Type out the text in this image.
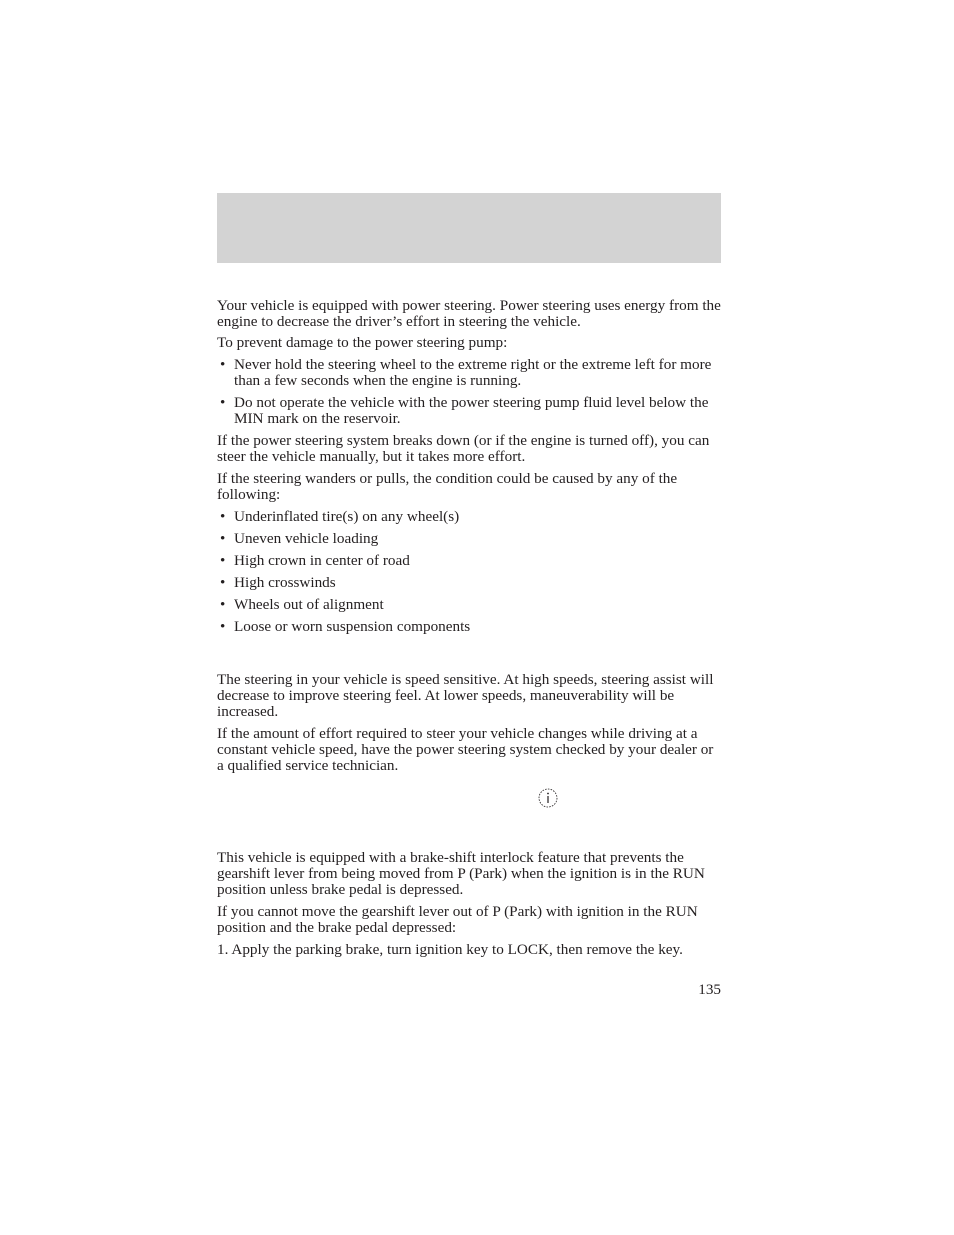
Your vehicle is equipped with power steering. Power steering uses energy from the engine to decrease the driver’s effort in steering the vehicle.

To prevent damage to the power steering pump:

• Never hold the steering wheel to the extreme right or the extreme left for more than a few seconds when the engine is running.
• Do not operate the vehicle with the power steering pump fluid level below the MIN mark on the reservoir.

If the power steering system breaks down (or if the engine is turned off), you can steer the vehicle manually, but it takes more effort.

If the steering wanders or pulls, the condition could be caused by any of the following:

• Underinflated tire(s) on any wheel(s)
• Uneven vehicle loading
• High crown in center of road
• High crosswinds
• Wheels out of alignment
• Loose or worn suspension components

The steering in your vehicle is speed sensitive. At high speeds, steering assist will decrease to improve steering feel. At lower speeds, maneuverability will be increased.

If the amount of effort required to steer your vehicle changes while driving at a constant vehicle speed, have the power steering system checked by your dealer or a qualified service technician.

This vehicle is equipped with a brake-shift interlock feature that prevents the gearshift lever from being moved from P (Park) when the ignition is in the RUN position unless brake pedal is depressed.

If you cannot move the gearshift lever out of P (Park) with ignition in the RUN position and the brake pedal depressed:

1. Apply the parking brake, turn ignition key to LOCK, then remove the key.

135
